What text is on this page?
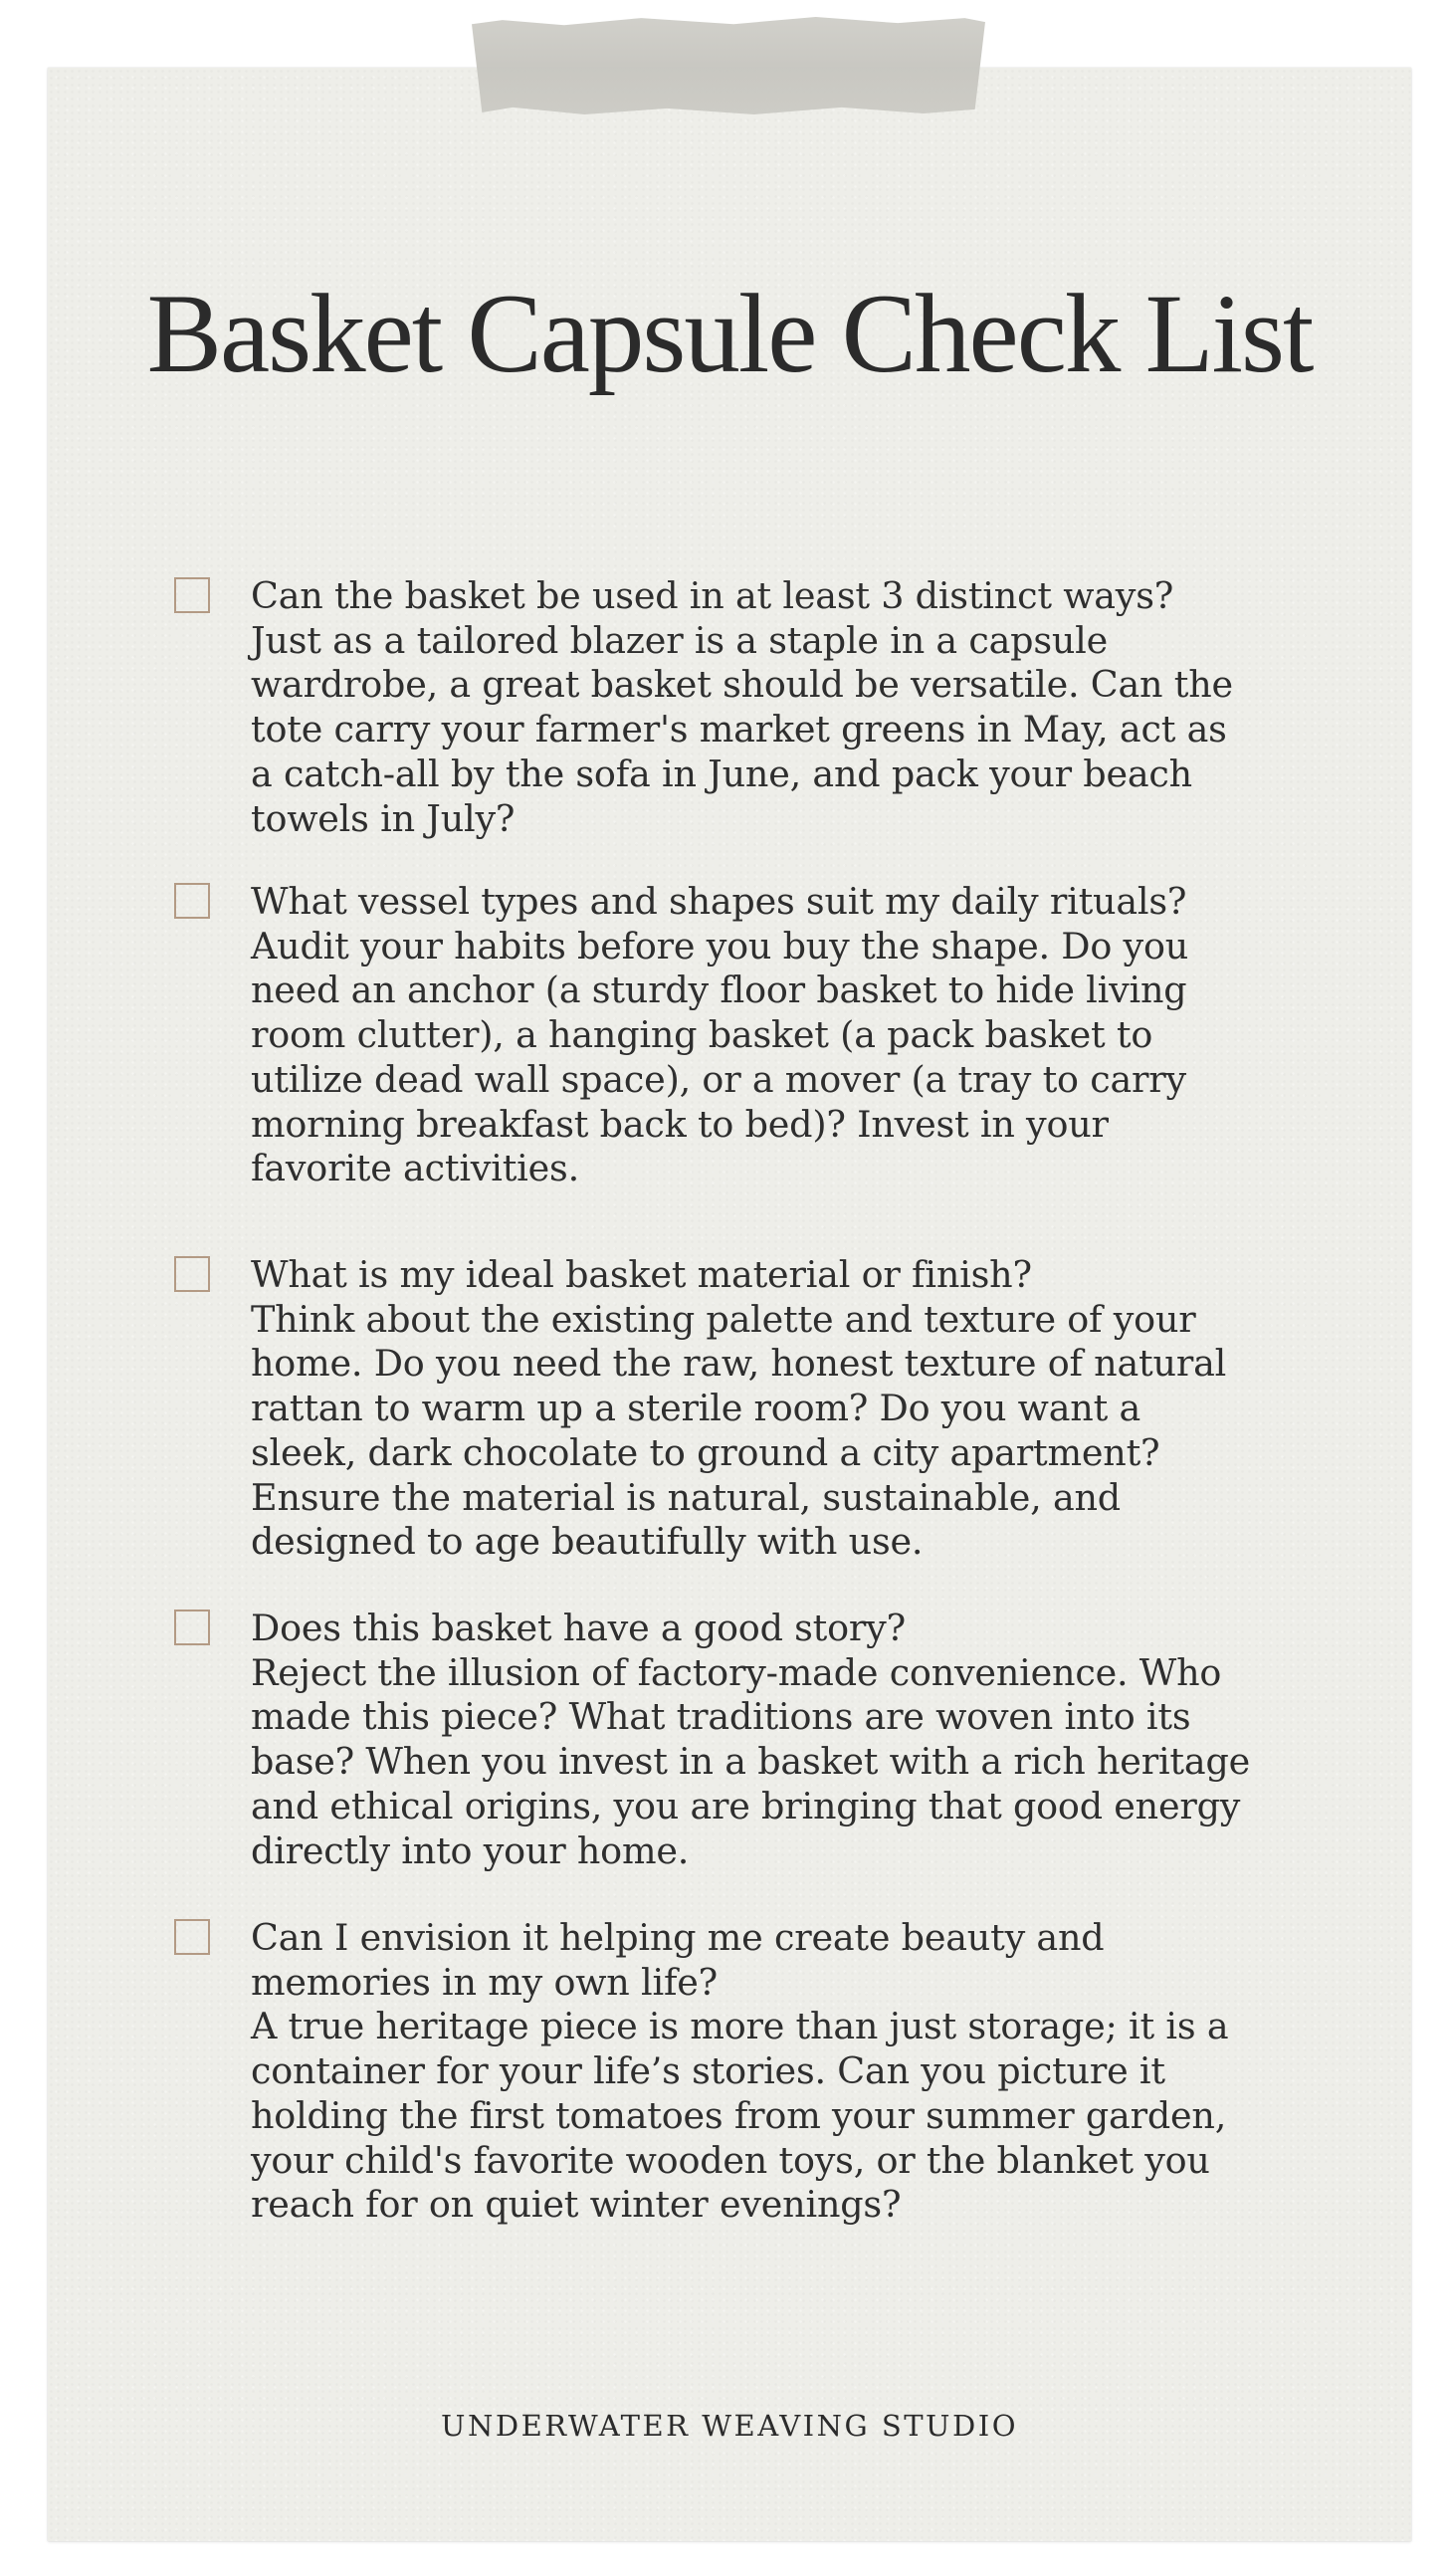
Basket Capsule Check List
Can the basket be used in at least 3 distinct ways?
Just as a tailored blazer is a staple in a capsule wardrobe, a great basket should be versatile. Can the tote carry your farmer's market greens in May, act as a catch-all by the sofa in June, and pack your beach towels in July?
What vessel types and shapes suit my daily rituals?
Audit your habits before you buy the shape. Do you need an anchor (a sturdy floor basket to hide living room clutter), a hanging basket (a pack basket to utilize dead wall space), or a mover (a tray to carry morning breakfast back to bed)? Invest in your favorite activities.
What is my ideal basket material or finish?
Think about the existing palette and texture of your home. Do you need the raw, honest texture of natural rattan to warm up a sterile room? Do you want a sleek, dark chocolate to ground a city apartment? Ensure the material is natural, sustainable, and designed to age beautifully with use.
Does this basket have a good story?
Reject the illusion of factory-made convenience. Who made this piece? What traditions are woven into its base? When you invest in a basket with a rich heritage and ethical origins, you are bringing that good energy directly into your home.
Can I envision it helping me create beauty and memories in my own life?
A true heritage piece is more than just storage; it is a container for your life’s stories. Can you picture it holding the first tomatoes from your summer garden, your child's favorite wooden toys, or the blanket you reach for on quiet winter evenings?
UNDERWATER WEAVING STUDIO
